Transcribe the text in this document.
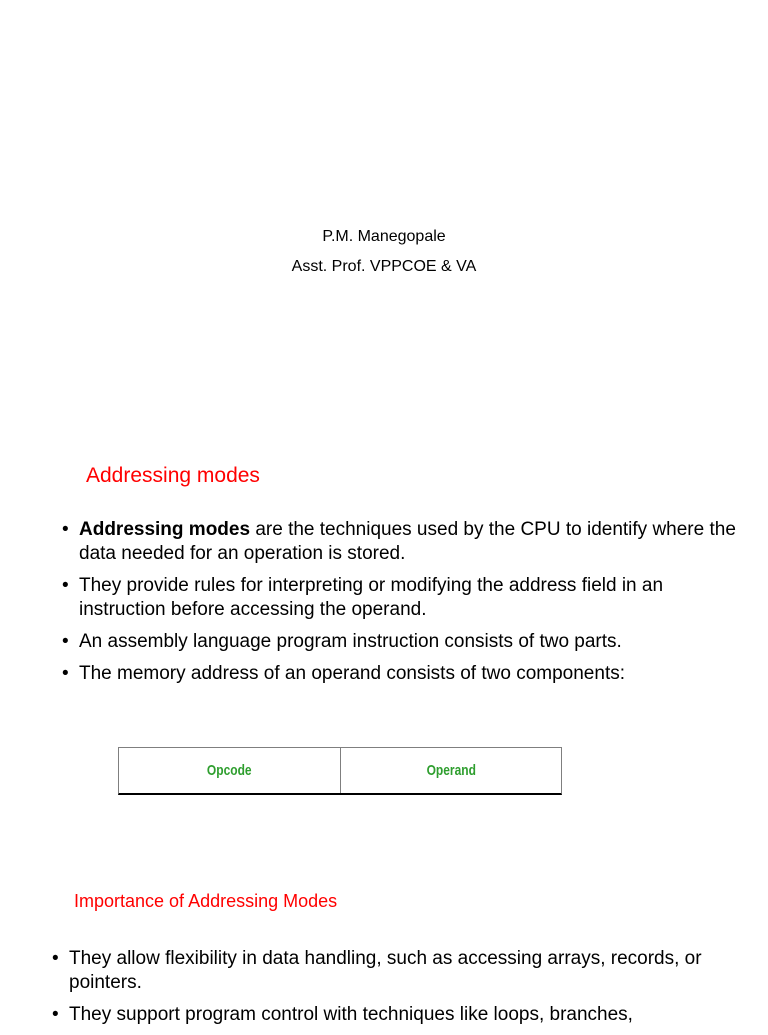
P.M. Manegopale
Asst. Prof. VPPCOE & VA
Addressing modes
• Addressing modes are the techniques used by the CPU to identify where the data needed for an operation is stored.
• They provide rules for interpreting or modifying the address field in an instruction before accessing the operand.
• An assembly language program instruction consists of two parts.
• The memory address of an operand consists of two components:
Opcode	Operand
Importance of Addressing Modes
• They allow flexibility in data handling, such as accessing arrays, records, or pointers.
• They support program control with techniques like loops, branches,
